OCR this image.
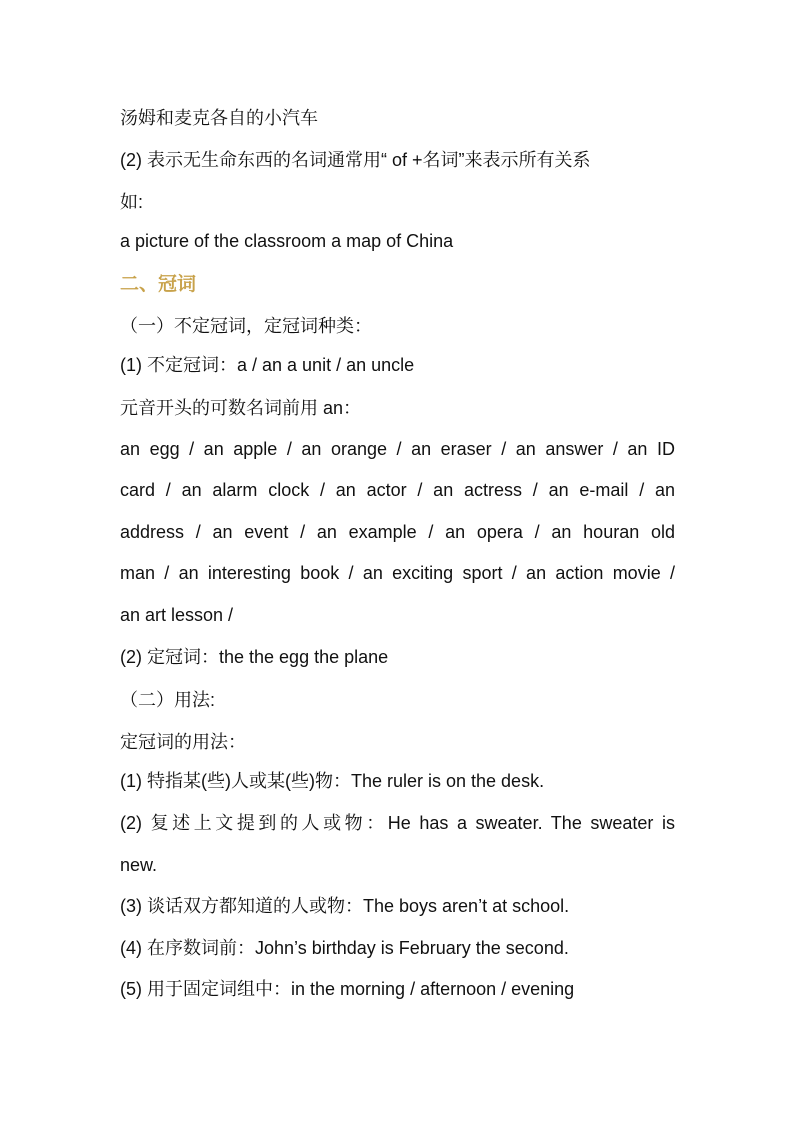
汤姆和麦克各自的小汽车
(2) 表示无生命东西的名词通常用“ of +名词”来表示所有关系
如:
a picture of the classroom a map of China
二、冠词
（一）不定冠词，定冠词种类：
(1) 不定冠词：a / an a unit / an uncle
元音开头的可数名词前用 an：
an egg / an apple / an orange / an eraser / an answer / an ID
card / an alarm clock / an actor / an actress / an e-mail / an
address / an event / an example / an opera / an houran old
man / an interesting book / an exciting sport / an action movie /
an art lesson /
(2) 定冠词：the the egg the plane
（二）用法:
定冠词的用法：
(1) 特指某(些)人或某(些)物：The ruler is on the desk.
(2) 复述上文提到的人或物：He has a sweater. The sweater is
new.
(3) 谈话双方都知道的人或物：The boys aren’t at school.
(4) 在序数词前：John’s birthday is February the second.
(5) 用于固定词组中：in the morning / afternoon / evening
